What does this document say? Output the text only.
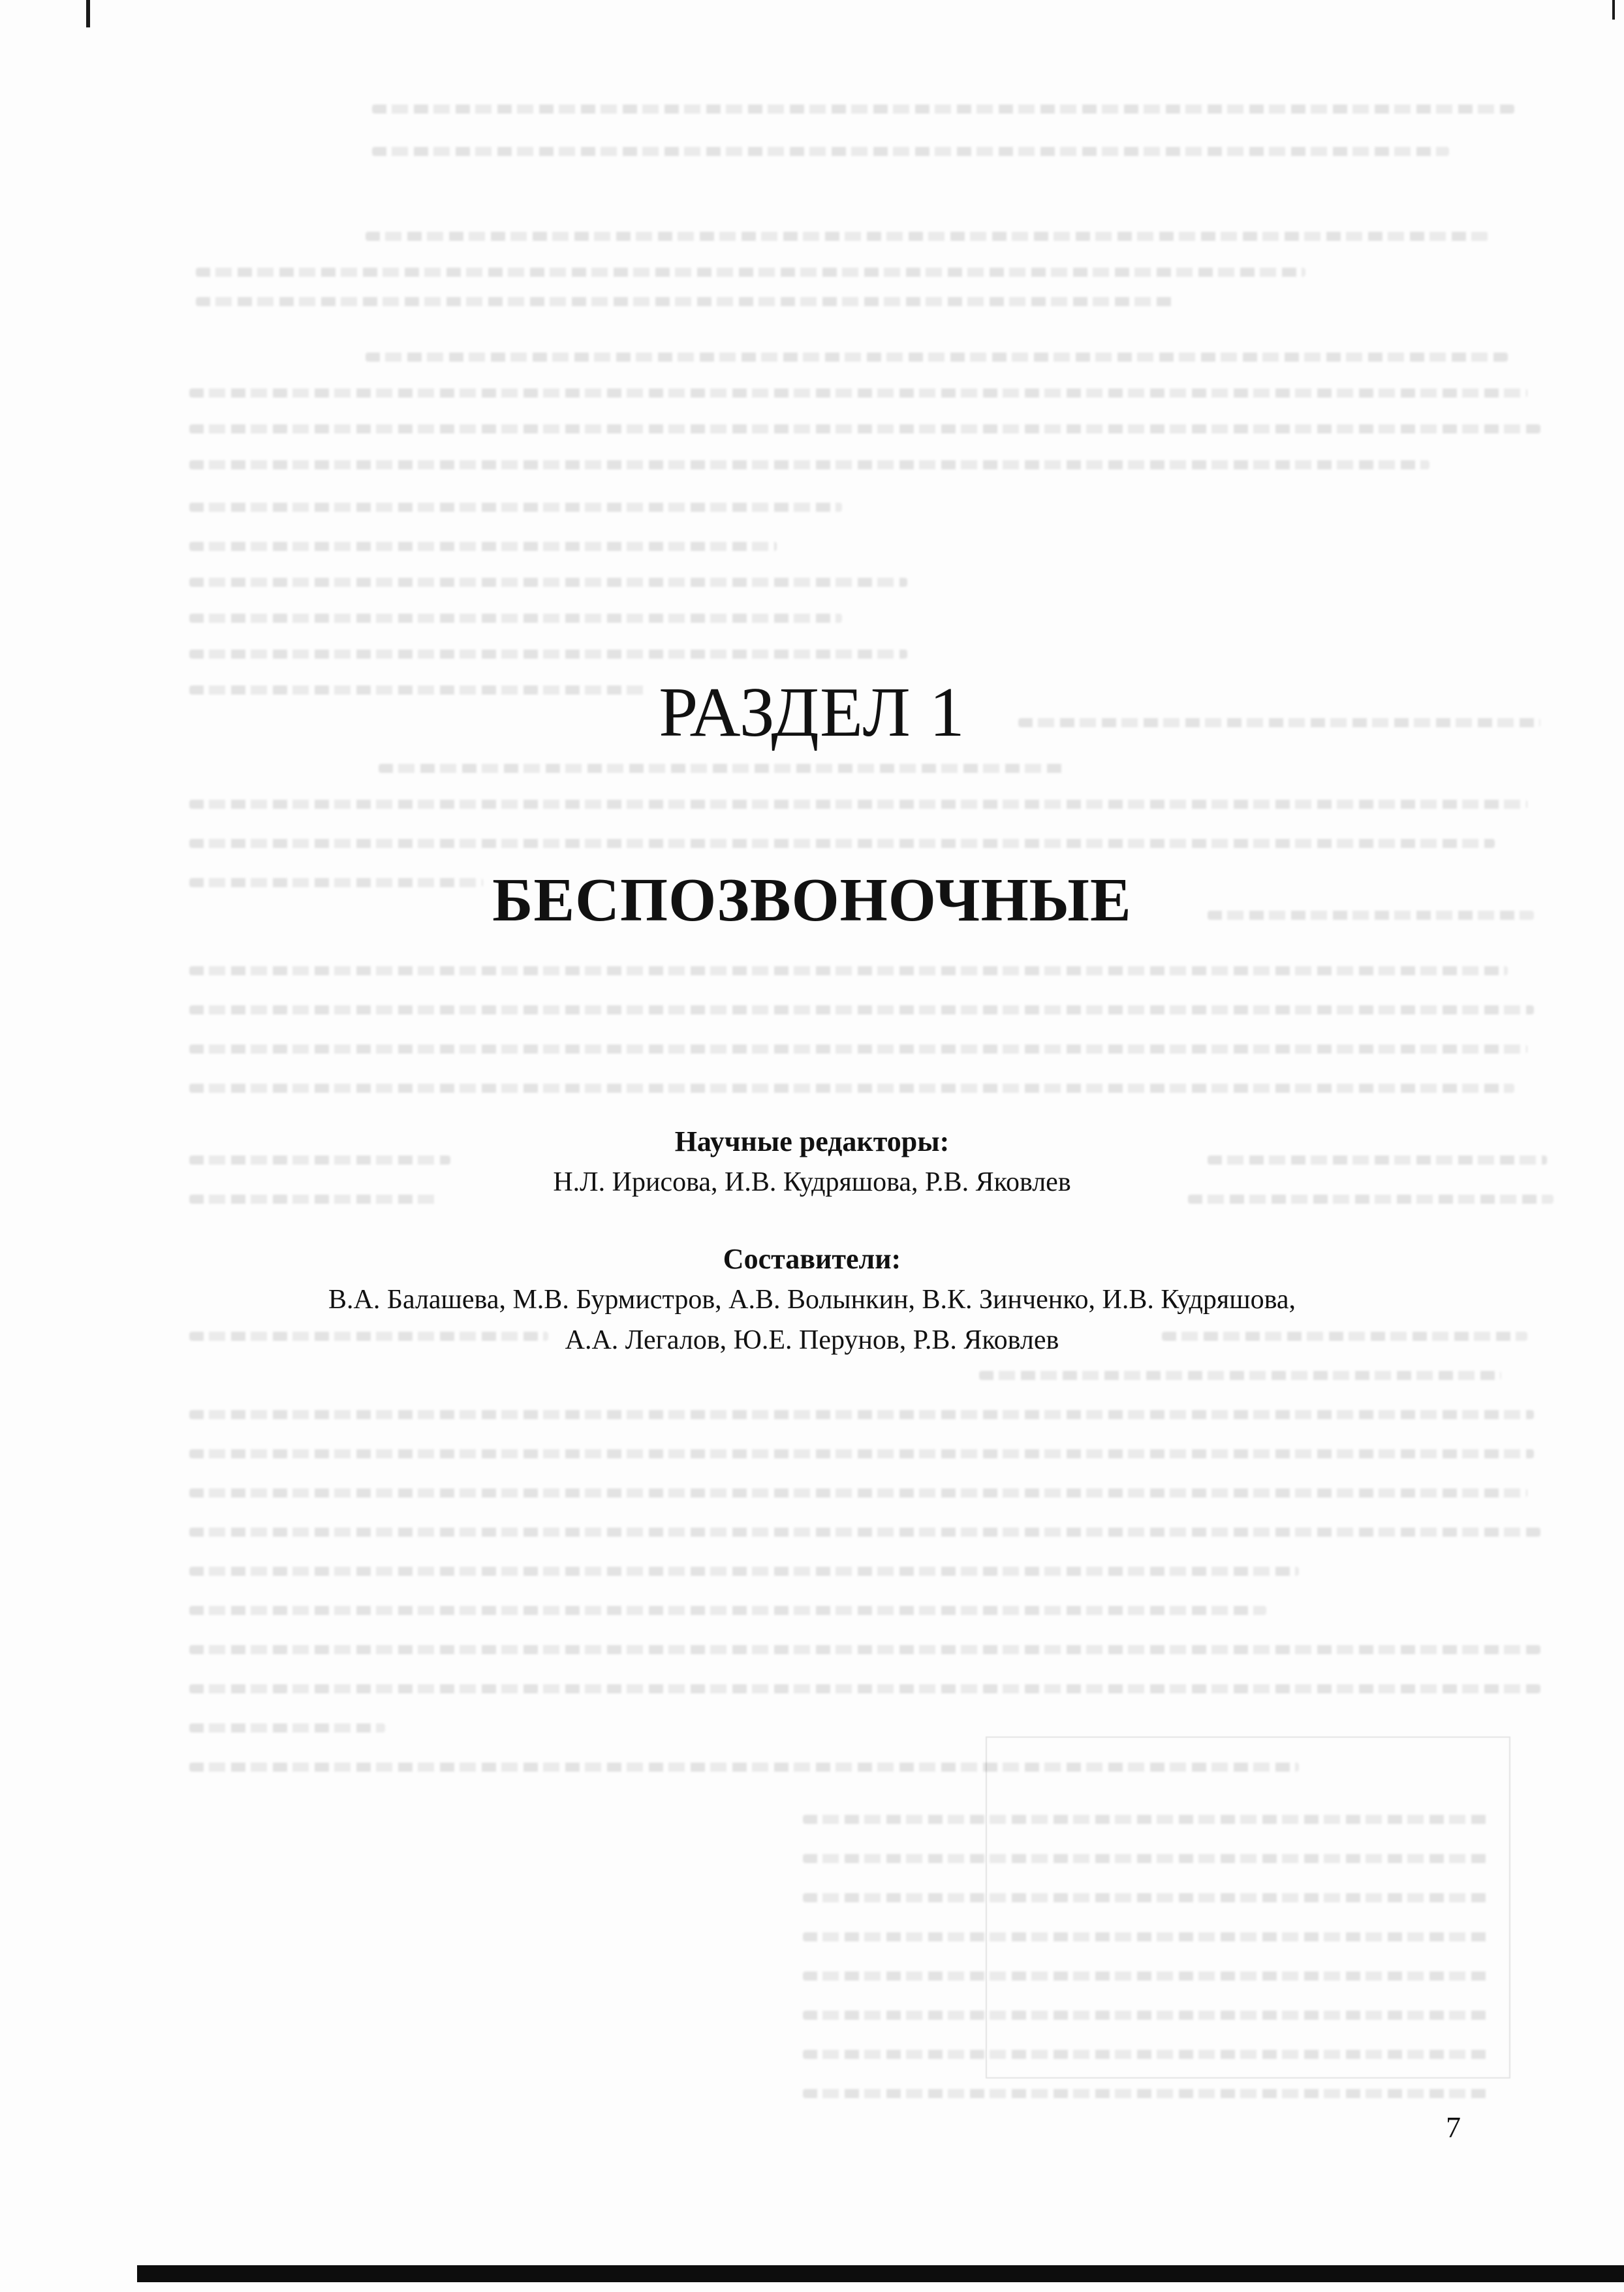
РАЗДЕЛ 1
БЕСПОЗВОНОЧНЫЕ

Научные редакторы:

Н.Л. Ирисова, И.В. Кудряшова, Р.В. Яковлев

Составители:

В.А. Балашева, М.В. Бурмистров, А.В. Волынкин, В.К. Зинченко, И.В. Кудряшова,

А.А. Легалов, Ю.Е. Перунов, Р.В. Яковлев

7
